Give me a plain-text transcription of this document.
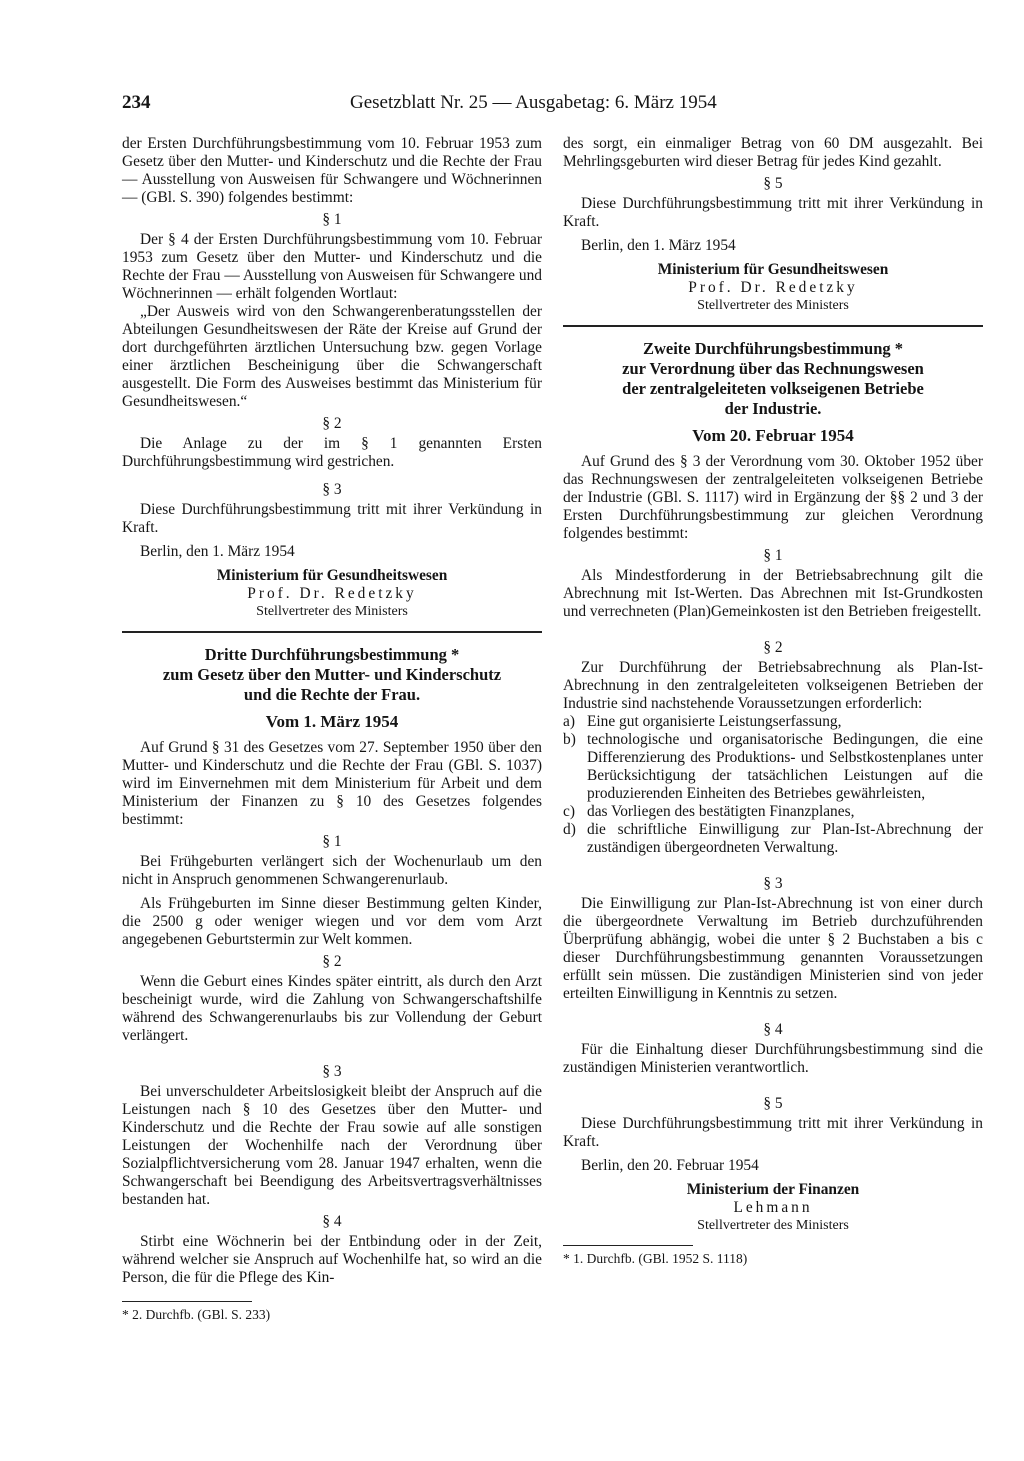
234	Gesetzblatt Nr. 25 — Ausgabetag: 6. März 1954

der Ersten Durchführungsbestimmung vom 10. Februar 1953 zum Gesetz über den Mutter- und Kinderschutz und die Rechte der Frau — Ausstellung von Ausweisen für Schwangere und Wöchnerinnen — (GBl. S. 390) folgendes bestimmt:

§ 1

Der § 4 der Ersten Durchführungsbestimmung vom 10. Februar 1953 zum Gesetz über den Mutter- und Kinderschutz und die Rechte der Frau — Ausstellung von Ausweisen für Schwangere und Wöchnerinnen — erhält folgenden Wortlaut:

„Der Ausweis wird von den Schwangerenberatungsstellen der Abteilungen Gesundheitswesen der Räte der Kreise auf Grund der dort durchgeführten ärztlichen Untersuchung bzw. gegen Vorlage einer ärztlichen Bescheinigung über die Schwangerschaft ausgestellt. Die Form des Ausweises bestimmt das Ministerium für Gesundheitswesen.“

§ 2

Die Anlage zu der im § 1 genannten Ersten Durchführungsbestimmung wird gestrichen.

§ 3

Diese Durchführungsbestimmung tritt mit ihrer Verkündung in Kraft.

Berlin, den 1. März 1954

Ministerium für Gesundheitswesen
Prof. Dr. Redetzky
Stellvertreter des Ministers
Dritte Durchführungsbestimmung *
zum Gesetz über den Mutter- und Kinderschutz
und die Rechte der Frau.
Vom 1. März 1954

Auf Grund § 31 des Gesetzes vom 27. September 1950 über den Mutter- und Kinderschutz und die Rechte der Frau (GBl. S. 1037) wird im Einvernehmen mit dem Ministerium für Arbeit und dem Ministerium der Finanzen zu § 10 des Gesetzes folgendes bestimmt:

§ 1

Bei Frühgeburten verlängert sich der Wochenurlaub um den nicht in Anspruch genommenen Schwangerenurlaub.

Als Frühgeburten im Sinne dieser Bestimmung gelten Kinder, die 2500 g oder weniger wiegen und vor dem vom Arzt angegebenen Geburtstermin zur Welt kommen.

§ 2

Wenn die Geburt eines Kindes später eintritt, als durch den Arzt bescheinigt wurde, wird die Zahlung von Schwangerschaftshilfe während des Schwangerenurlaubs bis zur Vollendung der Geburt verlängert.

§ 3

Bei unverschuldeter Arbeitslosigkeit bleibt der Anspruch auf die Leistungen nach § 10 des Gesetzes über den Mutter- und Kinderschutz und die Rechte der Frau sowie auf alle sonstigen Leistungen der Wochenhilfe nach der Verordnung über Sozialpflichtversicherung vom 28. Januar 1947 erhalten, wenn die Schwangerschaft bei Beendigung des Arbeitsvertragsverhältnisses bestanden hat.

§ 4

Stirbt eine Wöchnerin bei der Entbindung oder in der Zeit, während welcher sie Anspruch auf Wochenhilfe hat, so wird an die Person, die für die Pflege des Kin-

* 2. Durchfb. (GBl. S. 233)

des sorgt, ein einmaliger Betrag von 60 DM ausgezahlt. Bei Mehrlingsgeburten wird dieser Betrag für jedes Kind gezahlt.

§ 5

Diese Durchführungsbestimmung tritt mit ihrer Verkündung in Kraft.

Berlin, den 1. März 1954

Ministerium für Gesundheitswesen
Prof. Dr. Redetzky
Stellvertreter des Ministers
Zweite Durchführungsbestimmung *
zur Verordnung über das Rechnungswesen
der zentralgeleiteten volkseigenen Betriebe
der Industrie.
Vom 20. Februar 1954

Auf Grund des § 3 der Verordnung vom 30. Oktober 1952 über das Rechnungswesen der zentralgeleiteten volkseigenen Betriebe der Industrie (GBl. S. 1117) wird in Ergänzung der §§ 2 und 3 der Ersten Durchführungsbestimmung zur gleichen Verordnung folgendes bestimmt:

§ 1

Als Mindestforderung in der Betriebsabrechnung gilt die Abrechnung mit Ist-Werten. Das Abrechnen mit Ist-Grundkosten und verrechneten (Plan)Gemeinkosten ist den Betrieben freigestellt.

§ 2

Zur Durchführung der Betriebsabrechnung als Plan-Ist-Abrechnung in den zentralgeleiteten volkseigenen Betrieben der Industrie sind nachstehende Voraussetzungen erforderlich:

a) Eine gut organisierte Leistungserfassung,
b) technologische und organisatorische Bedingungen, die eine Differenzierung des Produktions- und Selbstkostenplanes unter Berücksichtigung der tatsächlichen Leistungen auf die produzierenden Einheiten des Betriebes gewährleisten,
c) das Vorliegen des bestätigten Finanzplanes,
d) die schriftliche Einwilligung zur Plan-Ist-Abrechnung der zuständigen übergeordneten Verwaltung.
§ 3

Die Einwilligung zur Plan-Ist-Abrechnung ist von einer durch die übergeordnete Verwaltung im Betrieb durchzuführenden Überprüfung abhängig, wobei die unter § 2 Buchstaben a bis c dieser Durchführungsbestimmung genannten Voraussetzungen erfüllt sein müssen. Die zuständigen Ministerien sind von jeder erteilten Einwilligung in Kenntnis zu setzen.

§ 4

Für die Einhaltung dieser Durchführungsbestimmung sind die zuständigen Ministerien verantwortlich.

§ 5

Diese Durchführungsbestimmung tritt mit ihrer Verkündung in Kraft.

Berlin, den 20. Februar 1954

Ministerium der Finanzen
Lehmann
Stellvertreter des Ministers
* 1. Durchfb. (GBl. 1952 S. 1118)
